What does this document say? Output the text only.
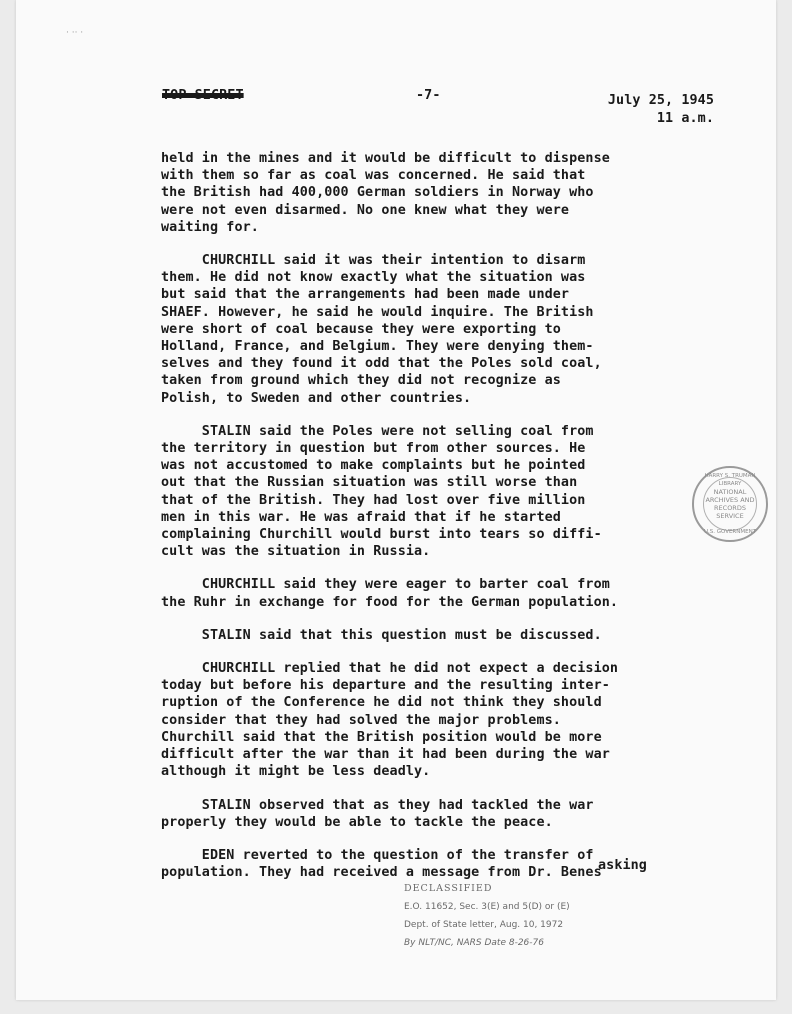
· ·· ·
TOP SECRET	-7-	July 25, 1945
11 a.m.
held in the mines and it would be difficult to dispense
with them so far as coal was concerned. He said that
the British had 400,000 German soldiers in Norway who
were not even disarmed. No one knew what they were
waiting for.
CHURCHILL said it was their intention to disarm
them. He did not know exactly what the situation was
but said that the arrangements had been made under
SHAEF. However, he said he would inquire. The British
were short of coal because they were exporting to
Holland, France, and Belgium. They were denying them-
selves and they found it odd that the Poles sold coal,
taken from ground which they did not recognize as
Polish, to Sweden and other countries.
STALIN said the Poles were not selling coal from
the territory in question but from other sources. He
was not accustomed to make complaints but he pointed
out that the Russian situation was still worse than
that of the British. They had lost over five million
men in this war. He was afraid that if he started
complaining Churchill would burst into tears so diffi-
cult was the situation in Russia.
CHURCHILL said they were eager to barter coal from
the Ruhr in exchange for food for the German population.
STALIN said that this question must be discussed.
CHURCHILL replied that he did not expect a decision
today but before his departure and the resulting inter-
ruption of the Conference he did not think they should
consider that they had solved the major problems.
Churchill said that the British position would be more
difficult after the war than it had been during the war
although it might be less deadly.
STALIN observed that as they had tackled the war
properly they would be able to tackle the peace.
EDEN reverted to the question of the transfer of
population. They had received a message from Dr. Benes
asking
NATIONAL
ARCHIVES AND
RECORDS
SERVICE
HARRY S. TRUMAN LIBRARY
U.S. GOVERNMENT
DECLASSIFIED
E.O. 11652, Sec. 3(E) and 5(D) or (E)
Dept. of State letter, Aug. 10, 1972
By NLT/NC, NARS Date 8-26-76
